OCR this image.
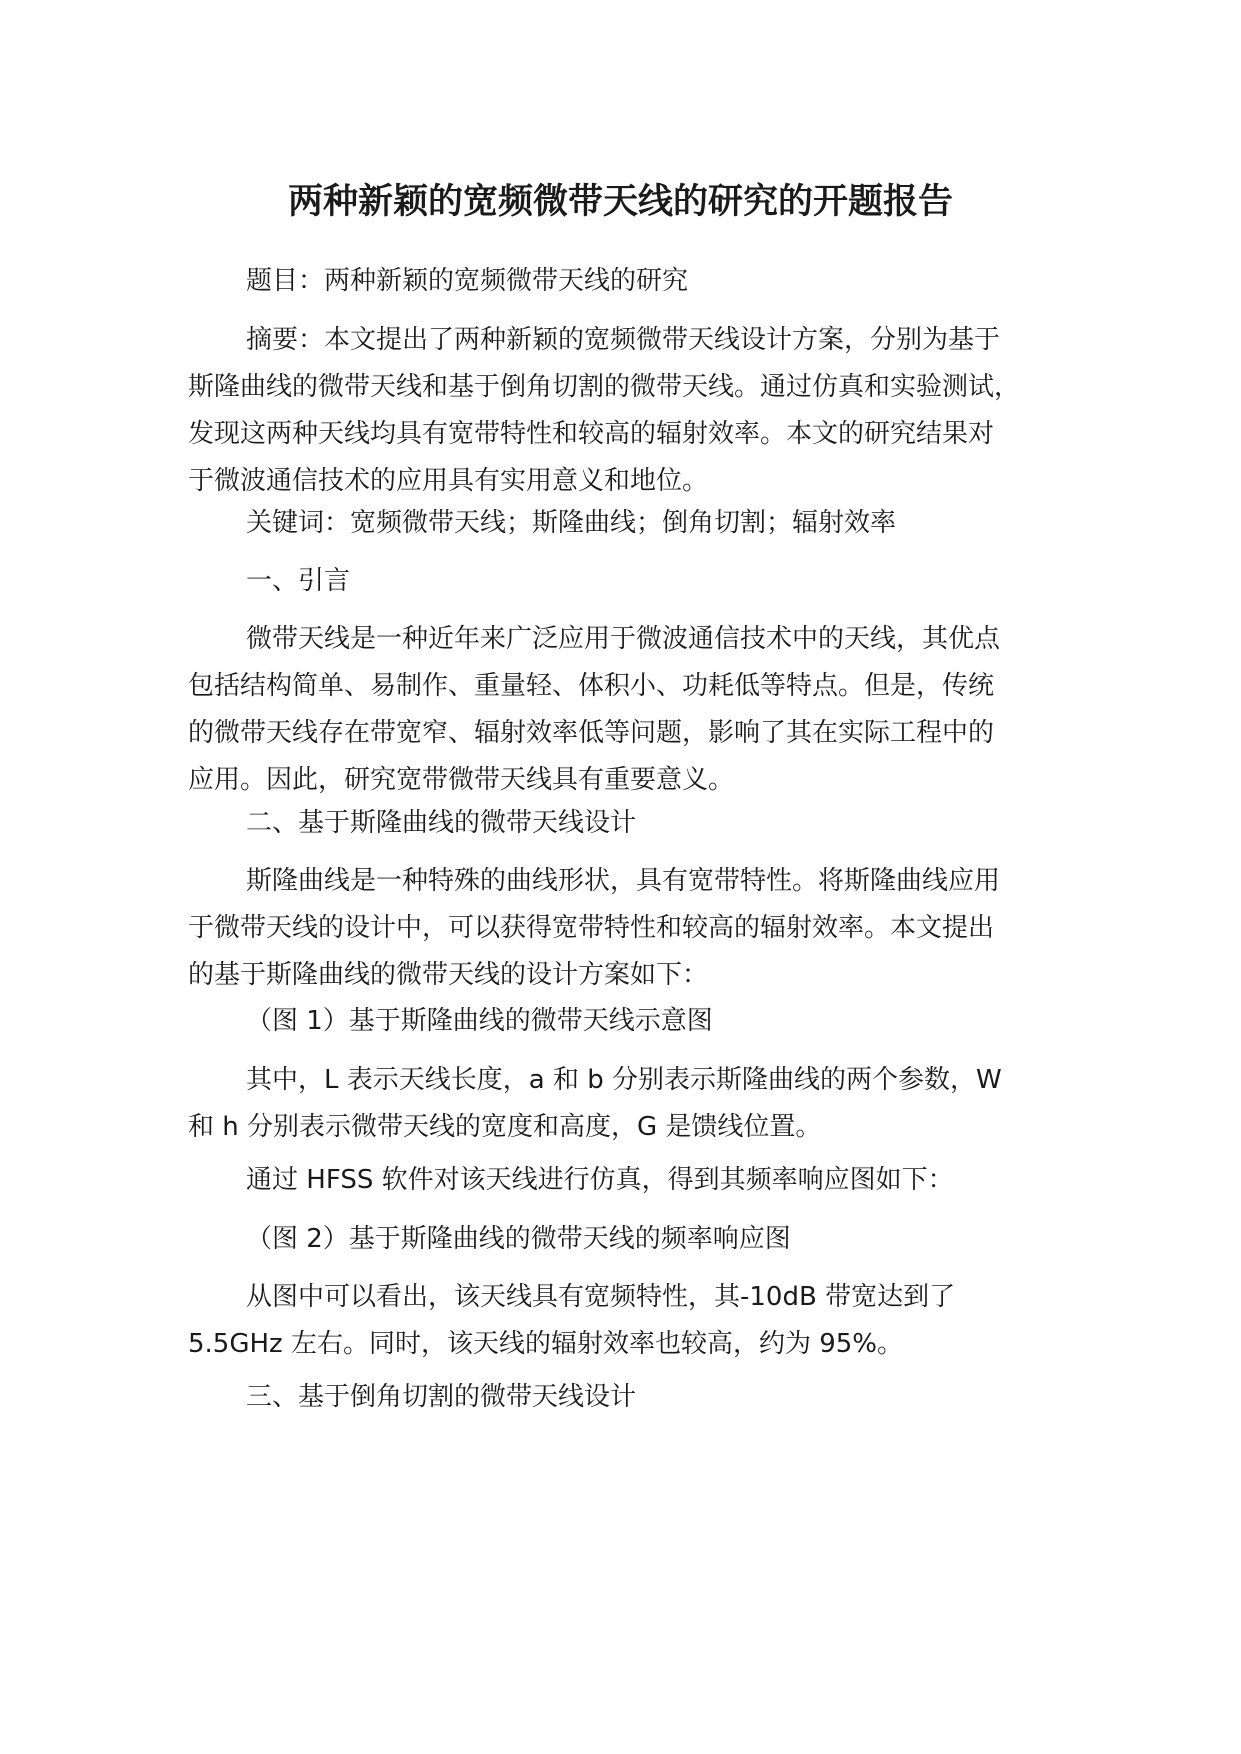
两种新颖的宽频微带天线的研究的开题报告

题目：两种新颖的宽频微带天线的研究

摘要：本文提出了两种新颖的宽频微带天线设计方案，分别为基于
斯隆曲线的微带天线和基于倒角切割的微带天线。通过仿真和实验测试，
发现这两种天线均具有宽带特性和较高的辐射效率。本文的研究结果对
于微波通信技术的应用具有实用意义和地位。

关键词：宽频微带天线；斯隆曲线；倒角切割；辐射效率

一、引言

微带天线是一种近年来广泛应用于微波通信技术中的天线，其优点
包括结构简单、易制作、重量轻、体积小、功耗低等特点。但是，传统
的微带天线存在带宽窄、辐射效率低等问题，影响了其在实际工程中的
应用。因此，研究宽带微带天线具有重要意义。

二、基于斯隆曲线的微带天线设计

斯隆曲线是一种特殊的曲线形状，具有宽带特性。将斯隆曲线应用
于微带天线的设计中，可以获得宽带特性和较高的辐射效率。本文提出
的基于斯隆曲线的微带天线的设计方案如下：

（图 1）基于斯隆曲线的微带天线示意图

其中，L 表示天线长度，a 和 b 分别表示斯隆曲线的两个参数，W
和 h 分别表示微带天线的宽度和高度，G 是馈线位置。

通过 HFSS 软件对该天线进行仿真，得到其频率响应图如下：

（图 2）基于斯隆曲线的微带天线的频率响应图

从图中可以看出，该天线具有宽频特性，其-10dB 带宽达到了
5.5GHz 左右。同时，该天线的辐射效率也较高，约为 95%。

三、基于倒角切割的微带天线设计
